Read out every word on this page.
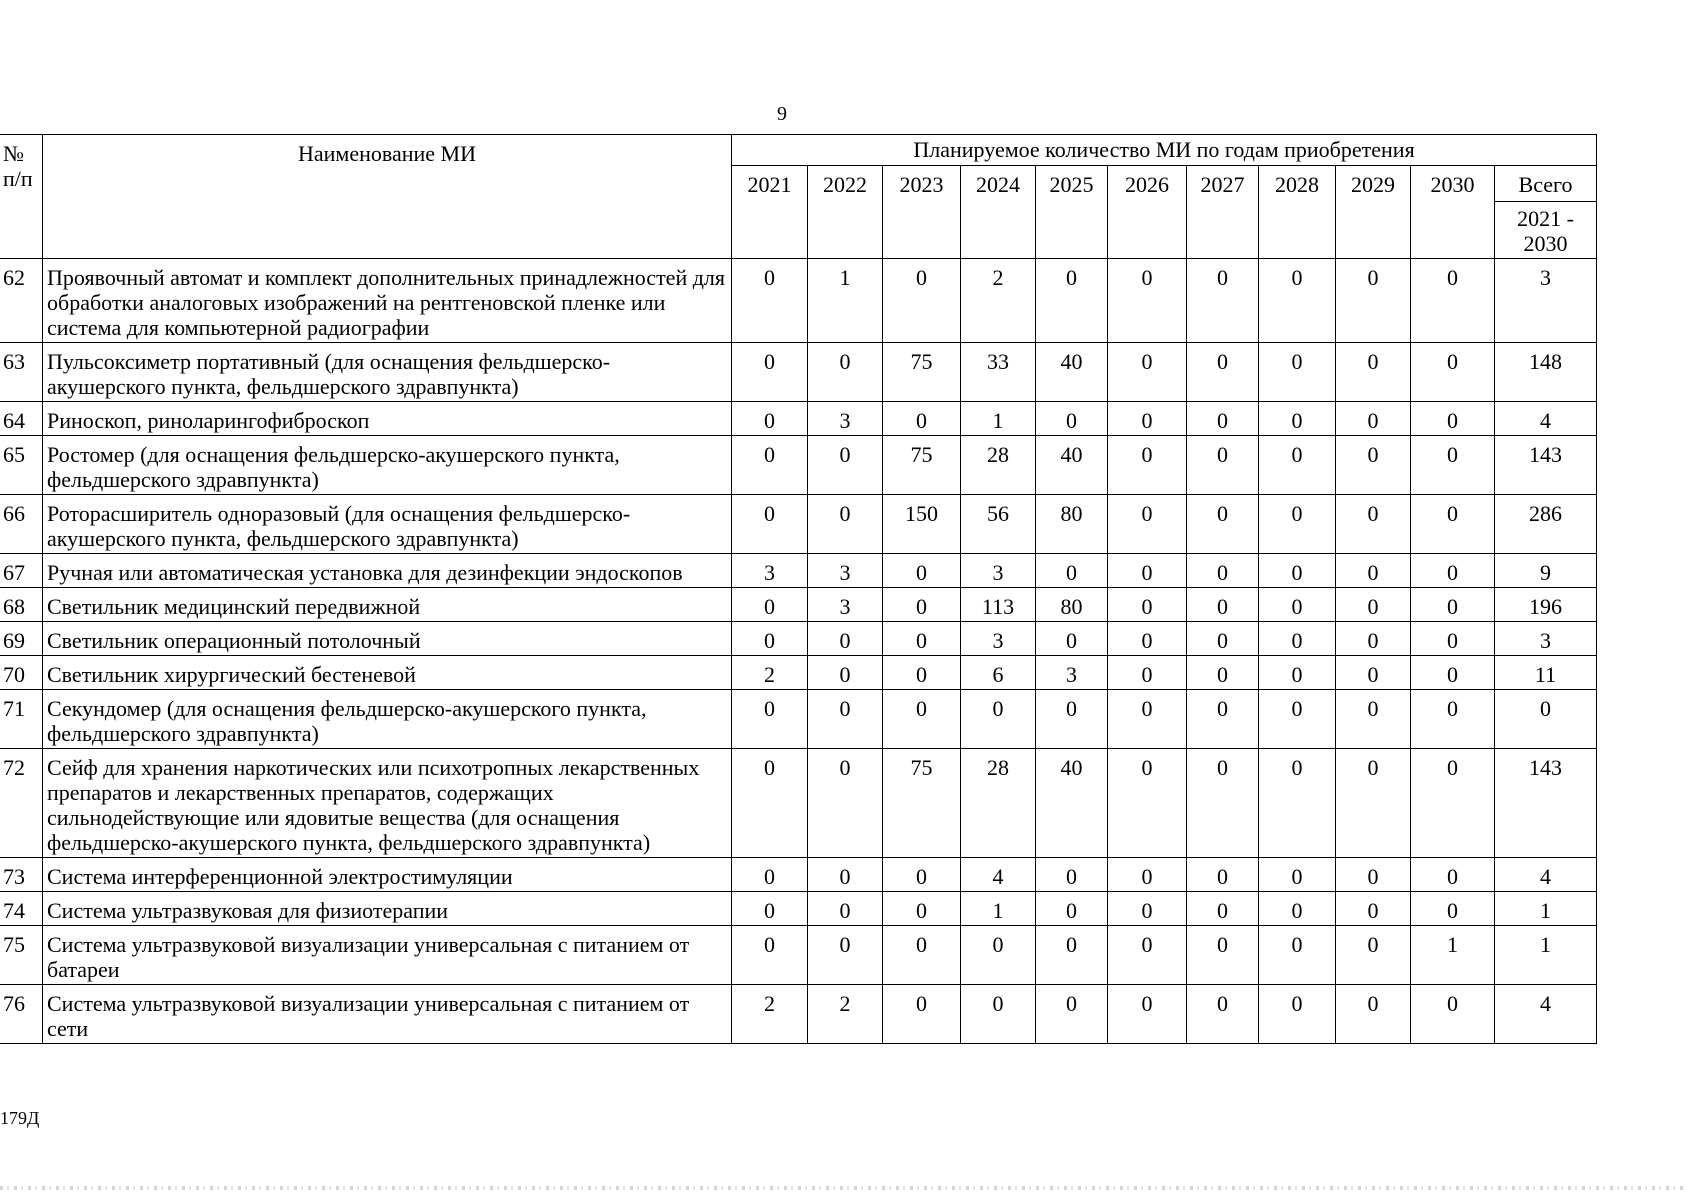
9
№ п/п	Наименование МИ	Планируемое количество МИ по годам приобретения										
		2021	2022	2023	2024	2025	2026	2027	2028	2029	2030	Всего
2021 - 2030

62	Проявочный автомат и комплект дополнительных принадлежностей для обработки аналоговых изображений на рентгеновской пленке или система для компьютерной радиографии	0	1	0	2	0	0	0	0	0	0	3
63	Пульсоксиметр портативный (для оснащения фельдшерско-акушерского пункта, фельдшерского здравпункта)	0	0	75	33	40	0	0	0	0	0	148
64	Риноскоп, риноларингофиброскоп	0	3	0	1	0	0	0	0	0	0	4
65	Ростомер (для оснащения фельдшерско-акушерского пункта, фельдшерского здравпункта)	0	0	75	28	40	0	0	0	0	0	143
66	Роторасширитель одноразовый (для оснащения фельдшерско-акушерского пункта, фельдшерского здравпункта)	0	0	150	56	80	0	0	0	0	0	286
67	Ручная или автоматическая установка для дезинфекции эндоскопов	3	3	0	3	0	0	0	0	0	0	9
68	Светильник медицинский передвижной	0	3	0	113	80	0	0	0	0	0	196
69	Светильник операционный потолочный	0	0	0	3	0	0	0	0	0	0	3
70	Светильник хирургический бестеневой	2	0	0	6	3	0	0	0	0	0	11
71	Секундомер (для оснащения фельдшерско-акушерского пункта, фельдшерского здравпункта)	0	0	0	0	0	0	0	0	0	0	0
72	Сейф для хранения наркотических или психотропных лекарственных препаратов и лекарственных препаратов, содержащих сильнодействующие или ядовитые вещества (для оснащения фельдшерско-акушерского пункта, фельдшерского здравпункта)	0	0	75	28	40	0	0	0	0	0	143
73	Система интерференционной электростимуляции	0	0	0	4	0	0	0	0	0	0	4
74	Система ультразвуковая для физиотерапии	0	0	0	1	0	0	0	0	0	0	1
75	Система ультразвуковой визуализации универсальная с питанием от батареи	0	0	0	0	0	0	0	0	0	1	1
76	Система ультразвуковой визуализации универсальная с питанием от сети	2	2	0	0	0	0	0	0	0	0	4
179Д
